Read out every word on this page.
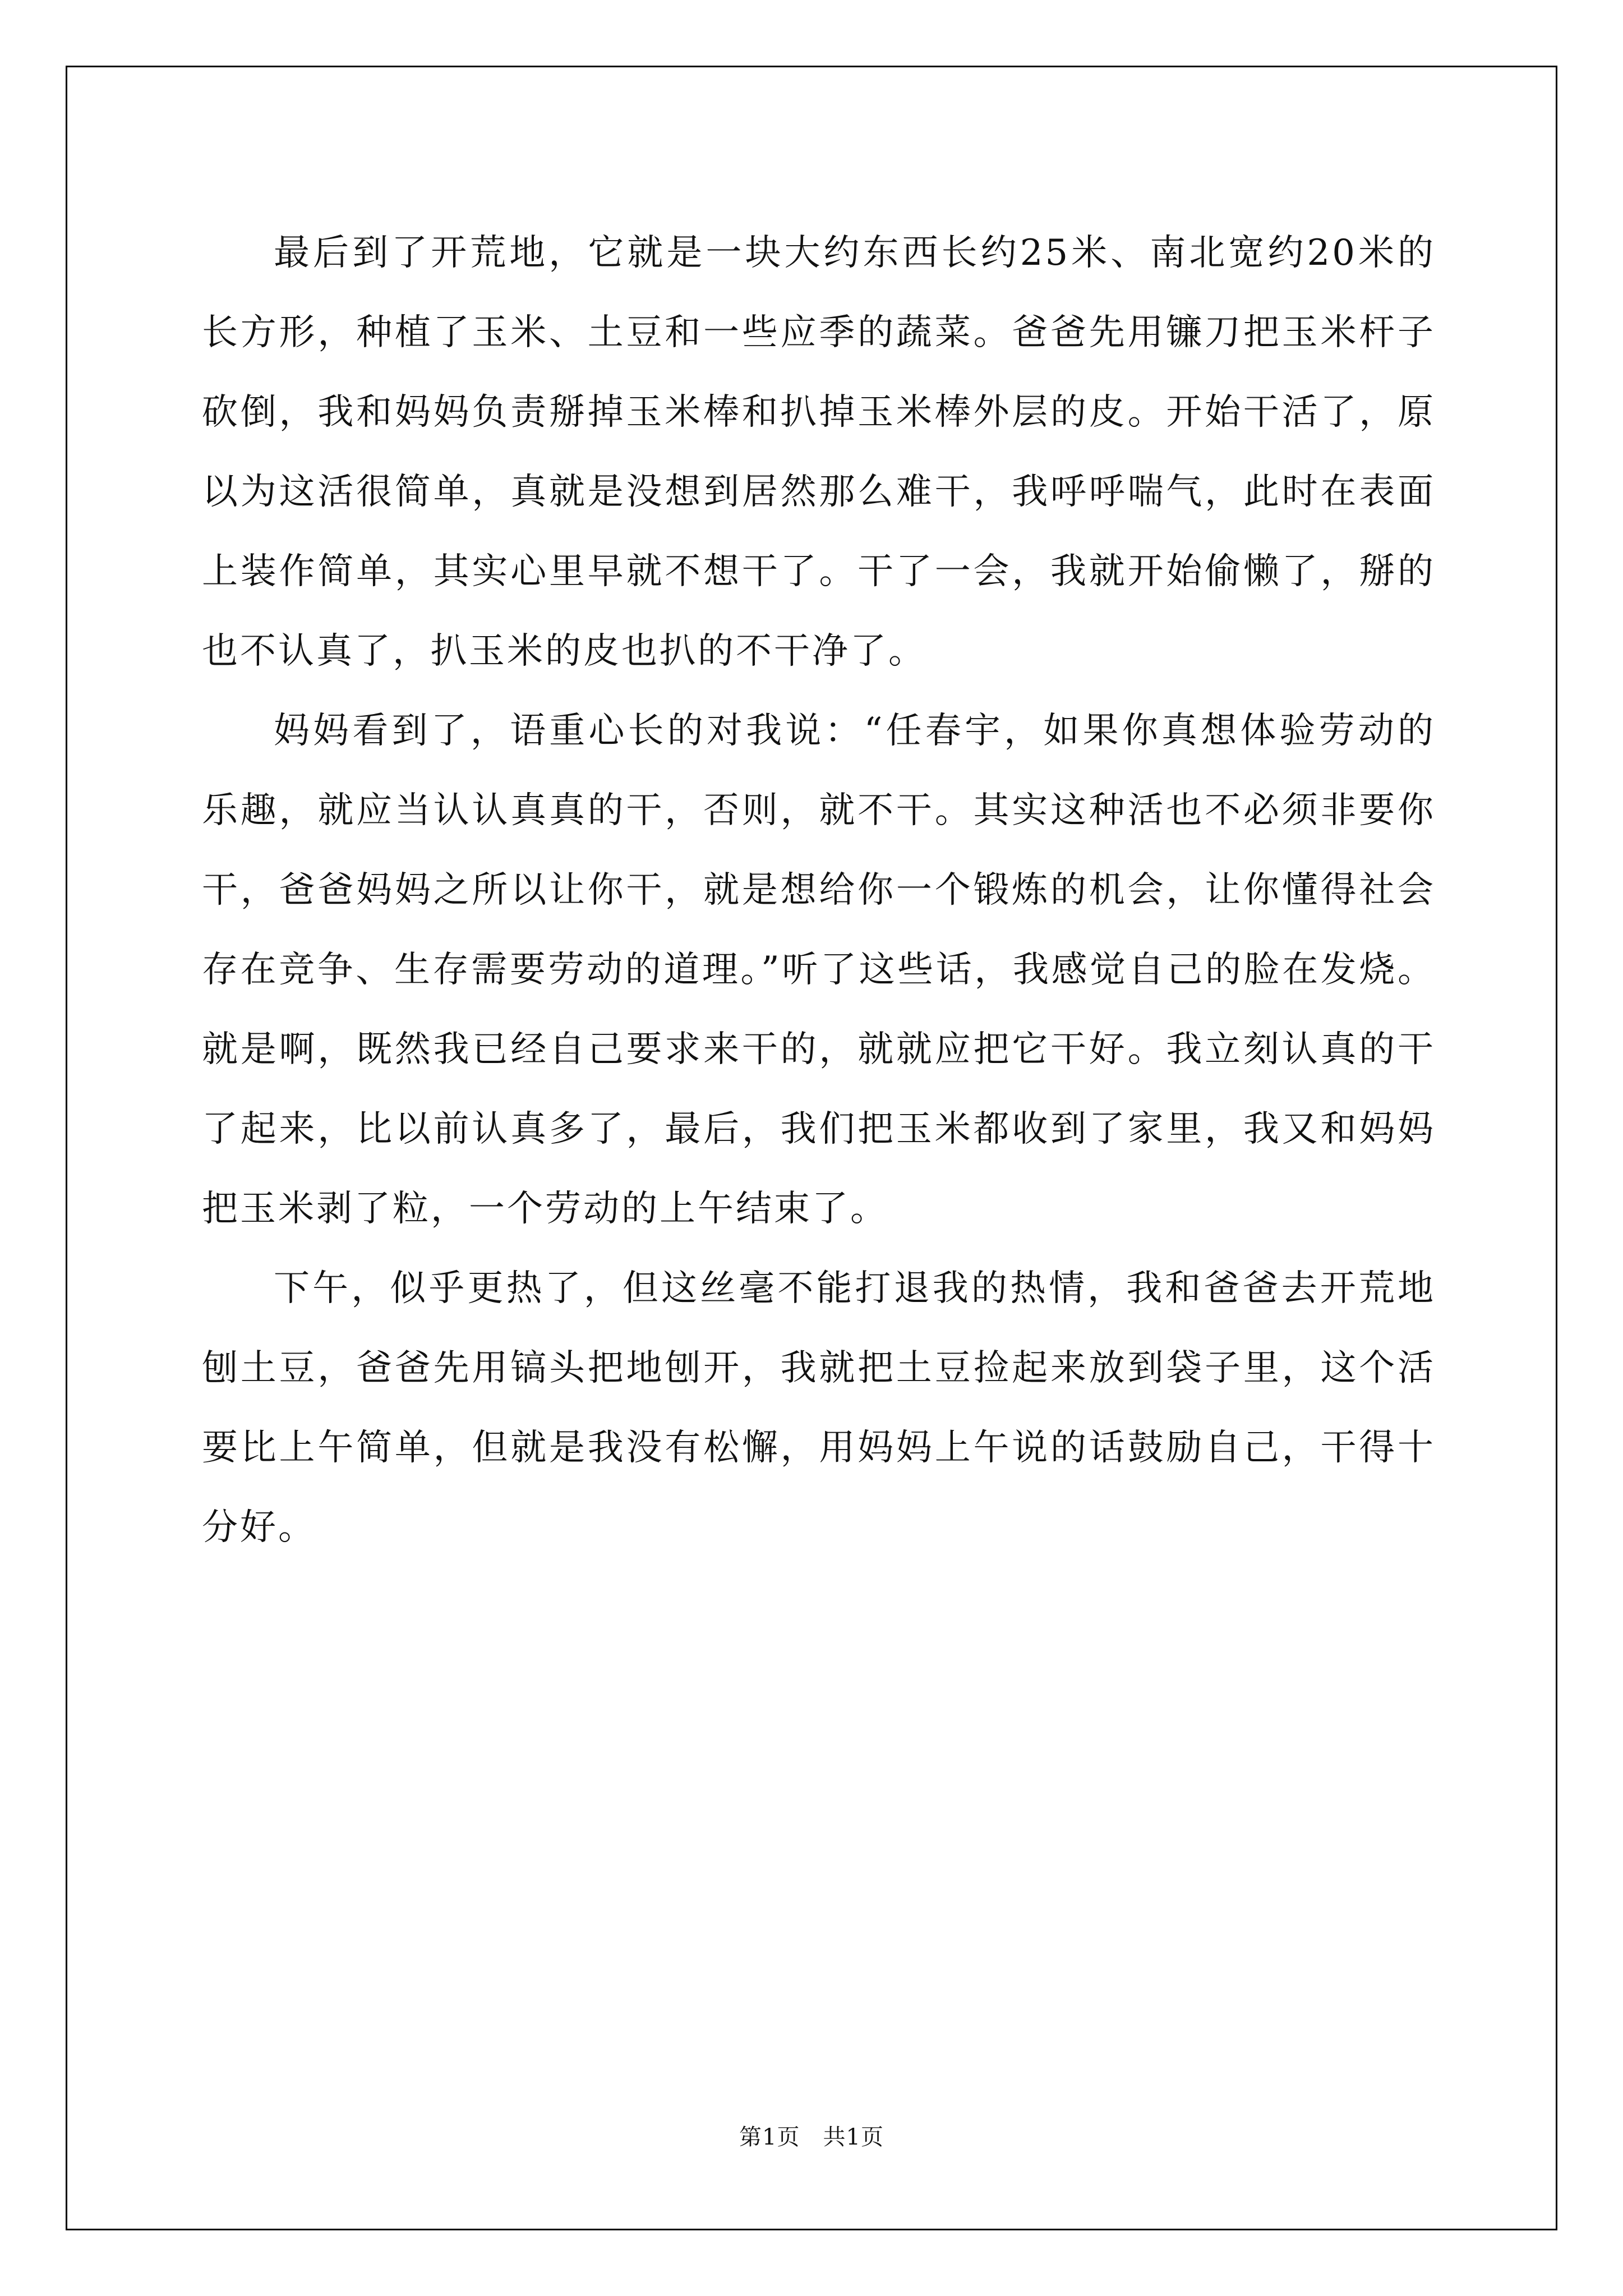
最后到了开荒地，它就是一块大约东西长约25米、南北宽约20米的长方形，种植了玉米、土豆和一些应季的蔬菜。爸爸先用镰刀把玉米杆子砍倒，我和妈妈负责掰掉玉米棒和扒掉玉米棒外层的皮。开始干活了，原以为这活很简单，真就是没想到居然那么难干，我呼呼喘气，此时在表面上装作简单，其实心里早就不想干了。干了一会，我就开始偷懒了，掰的也不认真了，扒玉米的皮也扒的不干净了。

妈妈看到了，语重心长的对我说：“任春宇，如果你真想体验劳动的乐趣，就应当认认真真的干，否则，就不干。其实这种活也不必须非要你干，爸爸妈妈之所以让你干，就是想给你一个锻炼的机会，让你懂得社会存在竞争、生存需要劳动的道理。”听了这些话，我感觉自己的脸在发烧。就是啊，既然我已经自己要求来干的，就就应把它干好。我立刻认真的干了起来，比以前认真多了，最后，我们把玉米都收到了家里，我又和妈妈把玉米剥了粒，一个劳动的上午结束了。

下午，似乎更热了，但这丝毫不能打退我的热情，我和爸爸去开荒地刨土豆，爸爸先用镐头把地刨开，我就把土豆捡起来放到袋子里，这个活要比上午简单，但就是我没有松懈，用妈妈上午说的话鼓励自己，干得十分好。

第1页　共1页
